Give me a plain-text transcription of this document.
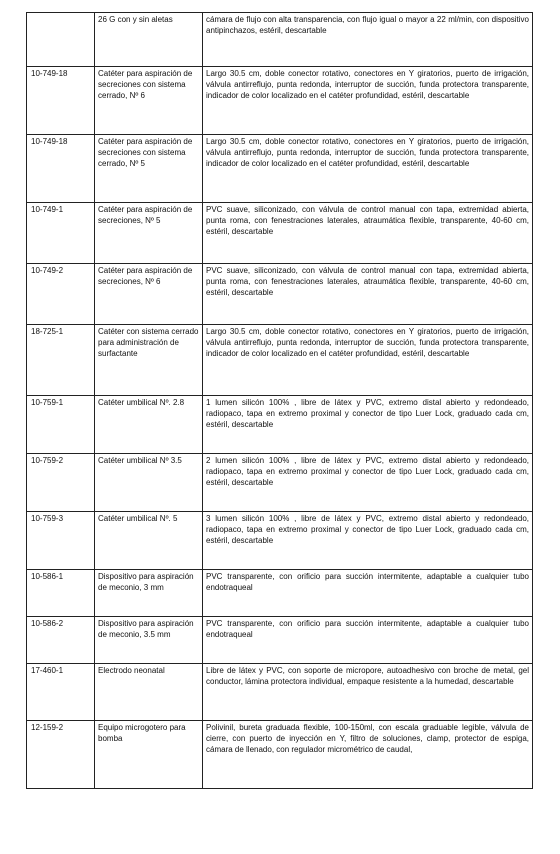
	26 G con y sin aletas	cámara de flujo con alta transparencia, con flujo igual o mayor a 22 ml/min, con dispositivo antipinchazos, estéril, descartable
10-749-18	Catéter para aspiración de secreciones con sistema cerrado, Nº 6	Largo 30.5 cm, doble conector rotativo, conectores en Y giratorios, puerto de irrigación, válvula antirreflujo, punta redonda, interruptor de succión, funda protectora transparente, indicador de color localizado en el catéter profundidad, estéril, descartable
10-749-18	Catéter para aspiración de secreciones con sistema cerrado, Nº 5	Largo 30.5 cm, doble conector rotativo, conectores en Y giratorios, puerto de irrigación, válvula antirreflujo, punta redonda, interruptor de succión, funda protectora transparente, indicador de color localizado en el catéter profundidad, estéril, descartable
10-749-1	Catéter para aspiración de secreciones, Nº 5	PVC suave, siliconizado, con válvula de control manual con tapa, extremidad abierta, punta roma, con fenestraciones laterales, atraumática flexible, transparente, 40-60 cm, estéril, descartable
10-749-2	Catéter para aspiración de secreciones, Nº 6	PVC suave, siliconizado, con válvula de control manual con tapa, extremidad abierta, punta roma, con fenestraciones laterales, atraumática flexible, transparente, 40-60 cm, estéril, descartable
18-725-1	Catéter con sistema cerrado para administración de surfactante	Largo 30.5 cm, doble conector rotativo, conectores en Y giratorios, puerto de irrigación, válvula antirreflujo, punta redonda, interruptor de succión, funda protectora transparente, indicador de color localizado en el catéter profundidad, estéril, descartable
10-759-1	Catéter umbilical Nº. 2.8	1 lumen silicón 100% , libre de látex y PVC, extremo distal abierto y redondeado, radiopaco, tapa en extremo proximal y conector de tipo Luer Lock, graduado cada cm, estéril, descartable
10-759-2	Catéter umbilical Nº 3.5	2 lumen silicón 100% , libre de látex y PVC, extremo distal abierto y redondeado, radiopaco, tapa en extremo proximal y conector de tipo Luer Lock, graduado cada cm, estéril, descartable
10-759-3	Catéter umbilical Nº. 5	3 lumen silicón 100% , libre de látex y PVC, extremo distal abierto y redondeado, radiopaco, tapa en extremo proximal y conector de tipo Luer Lock, graduado cada cm, estéril, descartable
10-586-1	Dispositivo para aspiración de meconio, 3 mm	PVC transparente, con orificio para succión intermitente, adaptable a cualquier tubo endotraqueal
10-586-2	Dispositivo para aspiración de meconio, 3.5 mm	PVC transparente, con orificio para succión intermitente, adaptable a cualquier tubo endotraqueal
17-460-1	Electrodo neonatal	Libre de látex y PVC, con soporte de micropore, autoadhesivo con broche de metal, gel conductor, lámina protectora individual, empaque resistente a la humedad, descartable
12-159-2	Equipo microgotero para bomba	Polivinil, bureta graduada flexible, 100-150ml, con escala graduable legible, válvula de cierre, con puerto de inyección en Y, filtro de soluciones, clamp, protector de espiga, cámara de llenado, con regulador micrométrico de caudal,
